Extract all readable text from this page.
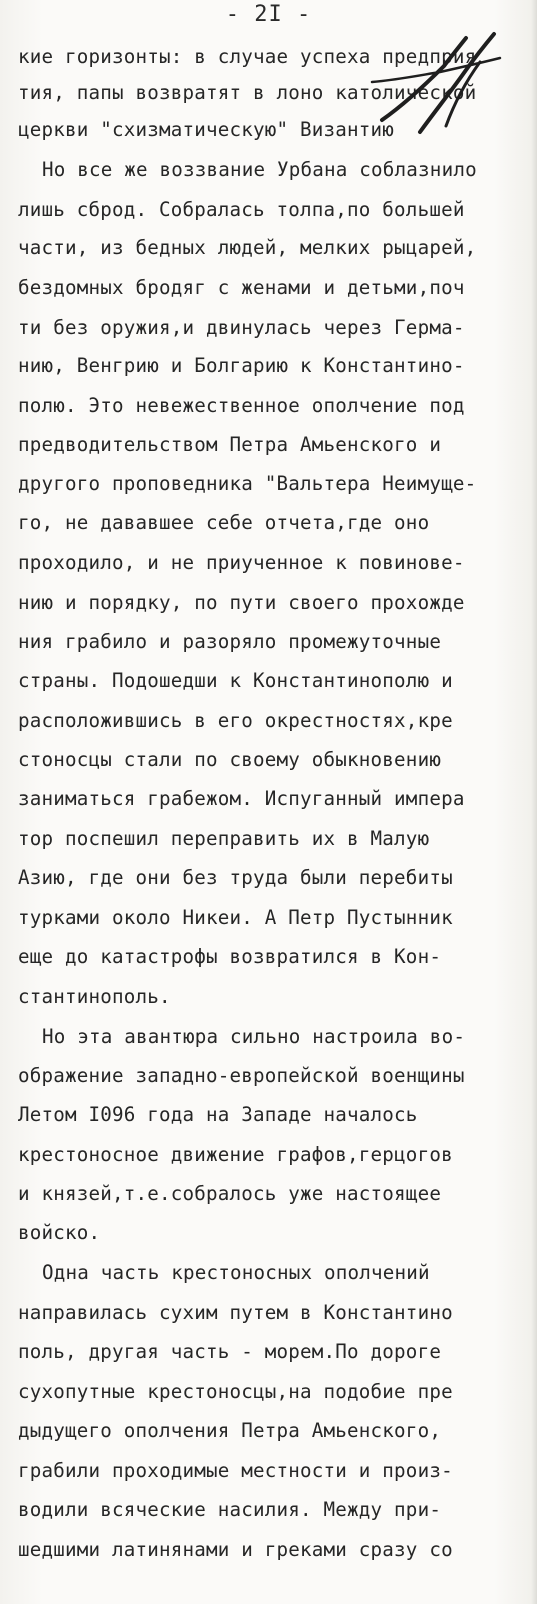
- 2I -
кие горизонты: в случае успеха предприя
тия, папы возвратят в лоно католической
церкви "схизматическую" Византию
Но все же воззвание Урбана соблазнило
лишь сброд. Собралась толпа,по большей
части, из бедных людей, мелких рыцарей,
бездомных бродяг с женами и детьми,поч
ти без оружия,и двинулась через Герма-
нию, Венгрию и Болгарию к Константино-
полю. Это невежественное ополчение под
предводительством Петра Амьенского и
другого проповедника "Вальтера Неимуще-
го, не дававшее себе отчета,где оно
проходило, и не приученное к повинове-
нию и порядку, по пути своего прохожде
ния грабило и разоряло промежуточные
страны. Подошедши к Константинополю и
расположившись в его окрестностях,кре
стоносцы стали по своему обыкновению
заниматься грабежом. Испуганный импера
тор поспешил переправить их в Малую
Азию, где они без труда были перебиты
турками около Никеи. А Петр Пустынник
еще до катастрофы возвратился в Кон-
стантинополь.
Но эта авантюра сильно настроила во-
ображение западно-европейской военщины
Летом I096 года на Западе началось
крестоносное движение графов,герцогов
и князей,т.е.собралось уже настоящее
войско.
Одна часть крестоносных ополчений
направилась сухим путем в Константино
поль, другая часть - морем.По дороге
сухопутные крестоносцы,на подобие пре
дыдущего ополчения Петра Амьенского,
грабили проходимые местности и произ-
водили всяческие насилия. Между при-
шедшими латинянами и греками сразу со
